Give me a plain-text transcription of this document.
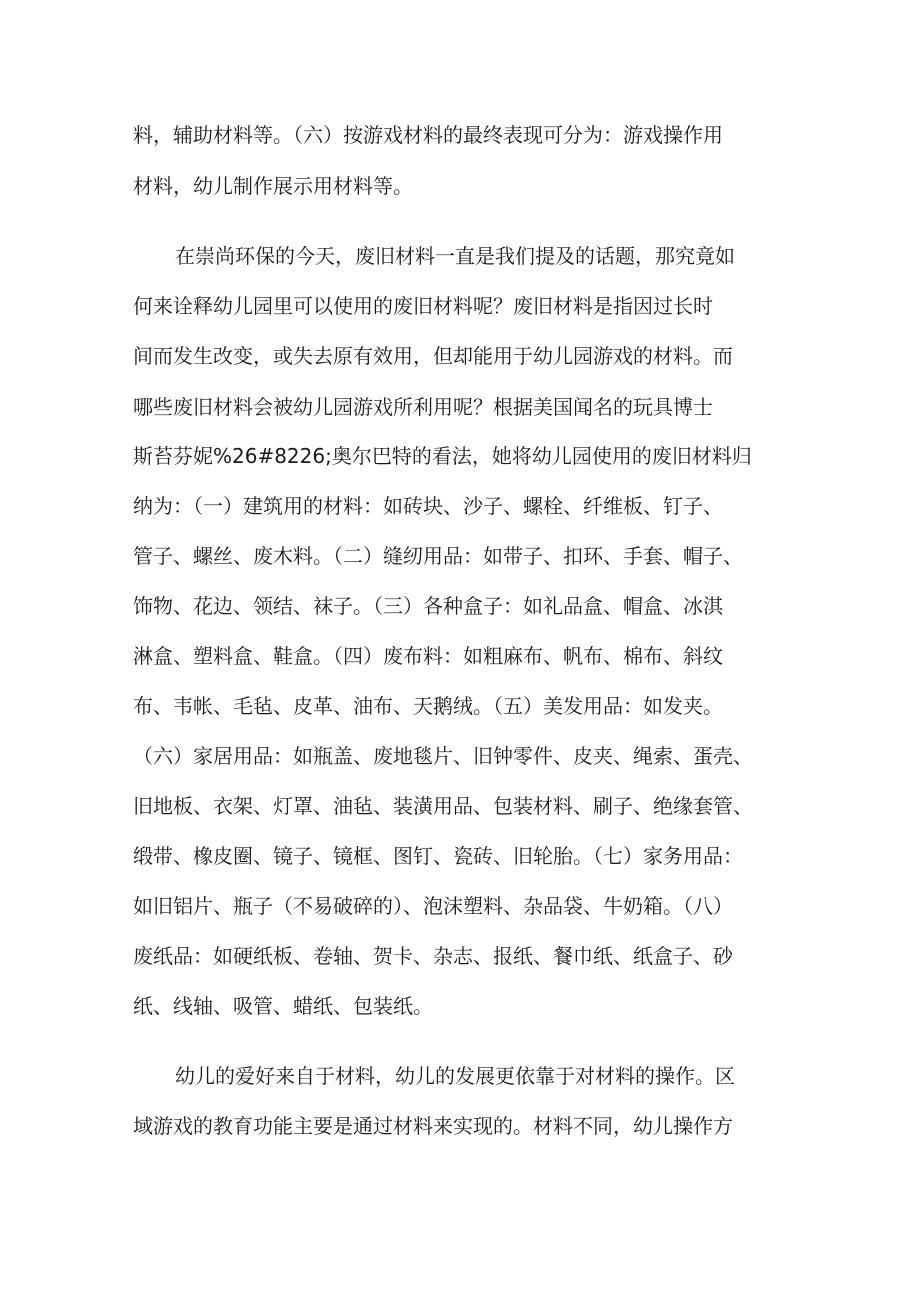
料，辅助材料等。（六）按游戏材料的最终表现可分为：游戏操作用
材料，幼儿制作展示用材料等。
在崇尚环保的今天，废旧材料一直是我们提及的话题，那究竟如
何来诠释幼儿园里可以使用的废旧材料呢？废旧材料是指因过长时
间而发生改变，或失去原有效用，但却能用于幼儿园游戏的材料。而
哪些废旧材料会被幼儿园游戏所利用呢？根据美国闻名的玩具博士
斯苔芬妮%26#8226;奥尔巴特的看法，她将幼儿园使用的废旧材料归
纳为：（一）建筑用的材料：如砖块、沙子、螺栓、纤维板、钉子、
管子、螺丝、废木料。（二）缝纫用品：如带子、扣环、手套、帽子、
饰物、花边、领结、袜子。（三）各种盒子：如礼品盒、帽盒、冰淇
淋盒、塑料盒、鞋盒。（四）废布料：如粗麻布、帆布、棉布、斜纹
布、韦帐、毛毡、皮革、油布、天鹅绒。（五）美发用品：如发夹。
（六）家居用品：如瓶盖、废地毯片、旧钟零件、皮夹、绳索、蛋壳、
旧地板、衣架、灯罩、油毡、装潢用品、包装材料、刷子、绝缘套管、
缎带、橡皮圈、镜子、镜框、图钉、瓷砖、旧轮胎。（七）家务用品：
如旧铝片、瓶子（不易破碎的）、泡沫塑料、杂品袋、牛奶箱。（八）
废纸品：如硬纸板、卷轴、贺卡、杂志、报纸、餐巾纸、纸盒子、砂
纸、线轴、吸管、蜡纸、包装纸。
幼儿的爱好来自于材料，幼儿的发展更依靠于对材料的操作。区
域游戏的教育功能主要是通过材料来实现的。材料不同，幼儿操作方
